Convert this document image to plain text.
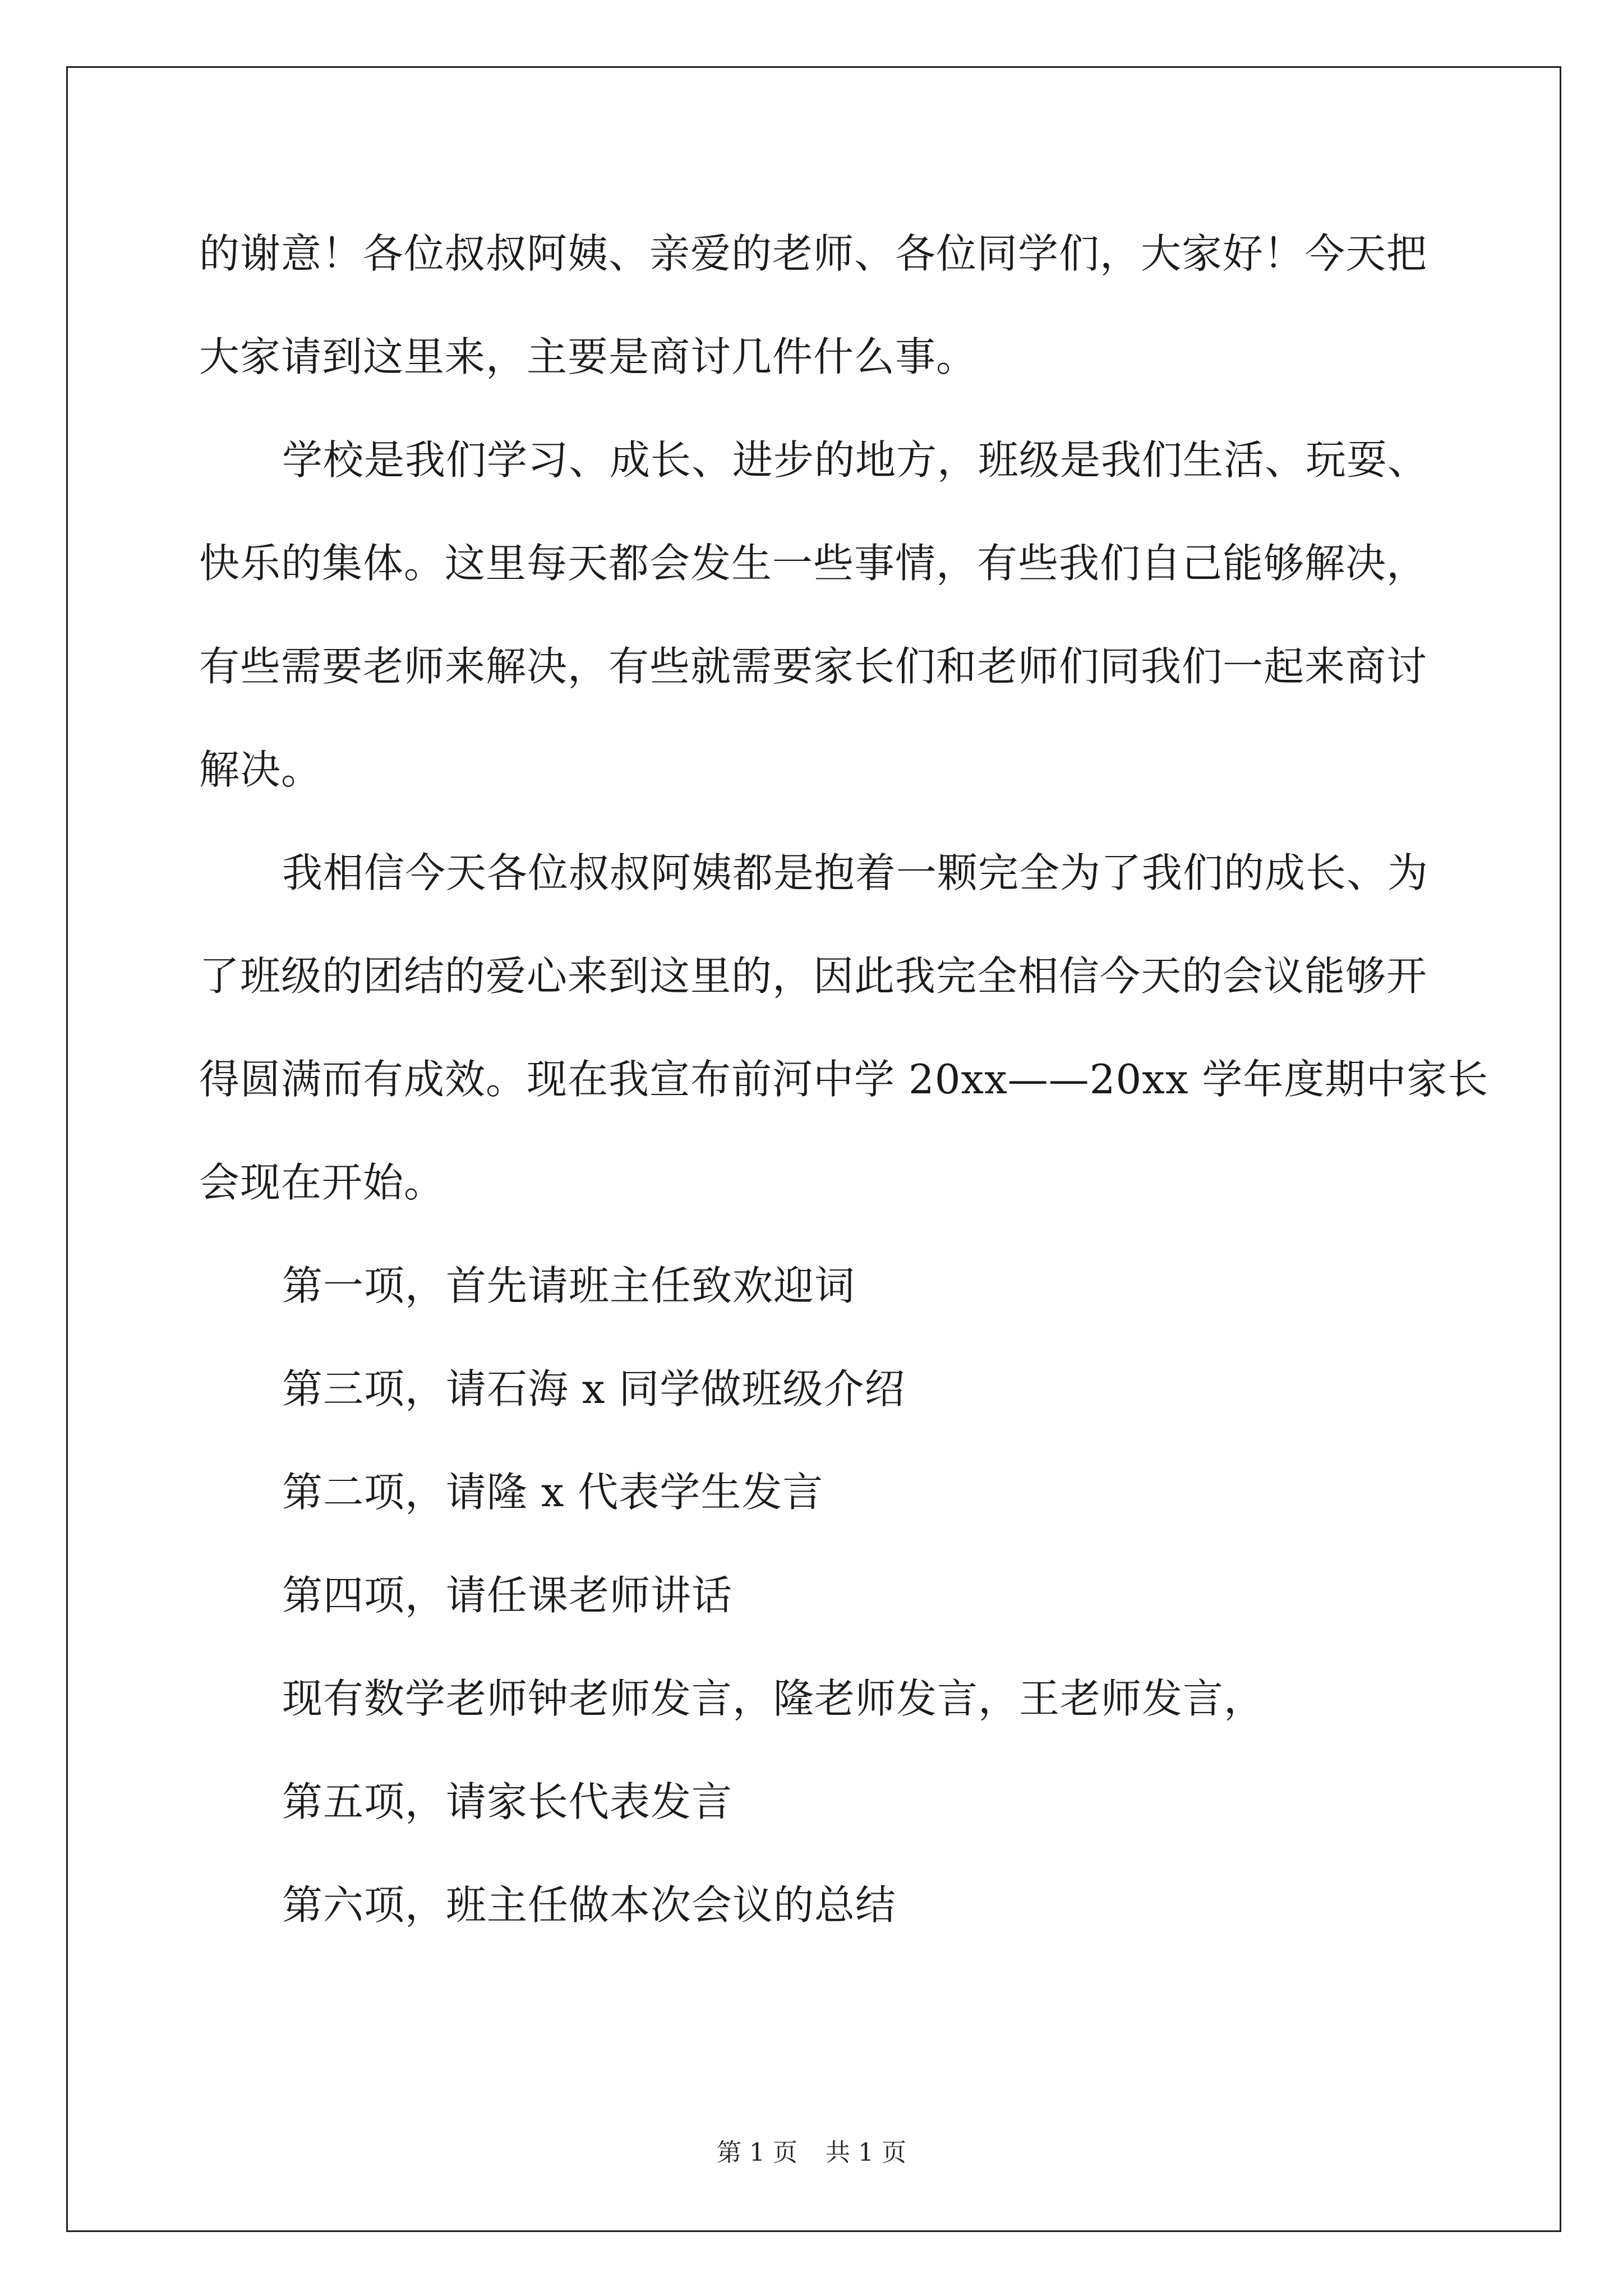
的谢意！各位叔叔阿姨、亲爱的老师、各位同学们，大家好！今天把
大家请到这里来，主要是商讨几件什么事。
学校是我们学习、成长、进步的地方，班级是我们生活、玩耍、
快乐的集体。这里每天都会发生一些事情，有些我们自己能够解决，
有些需要老师来解决，有些就需要家长们和老师们同我们一起来商讨
解决。
我相信今天各位叔叔阿姨都是抱着一颗完全为了我们的成长、为
了班级的团结的爱心来到这里的，因此我完全相信今天的会议能够开
得圆满而有成效。现在我宣布前河中学 20xx——20xx 学年度期中家长
会现在开始。
第一项，首先请班主任致欢迎词
第三项，请石海 x 同学做班级介绍
第二项，请隆 x 代表学生发言
第四项，请任课老师讲话
现有数学老师钟老师发言，隆老师发言，王老师发言，
第五项，请家长代表发言
第六项，班主任做本次会议的总结
第 1 页 共 1 页
